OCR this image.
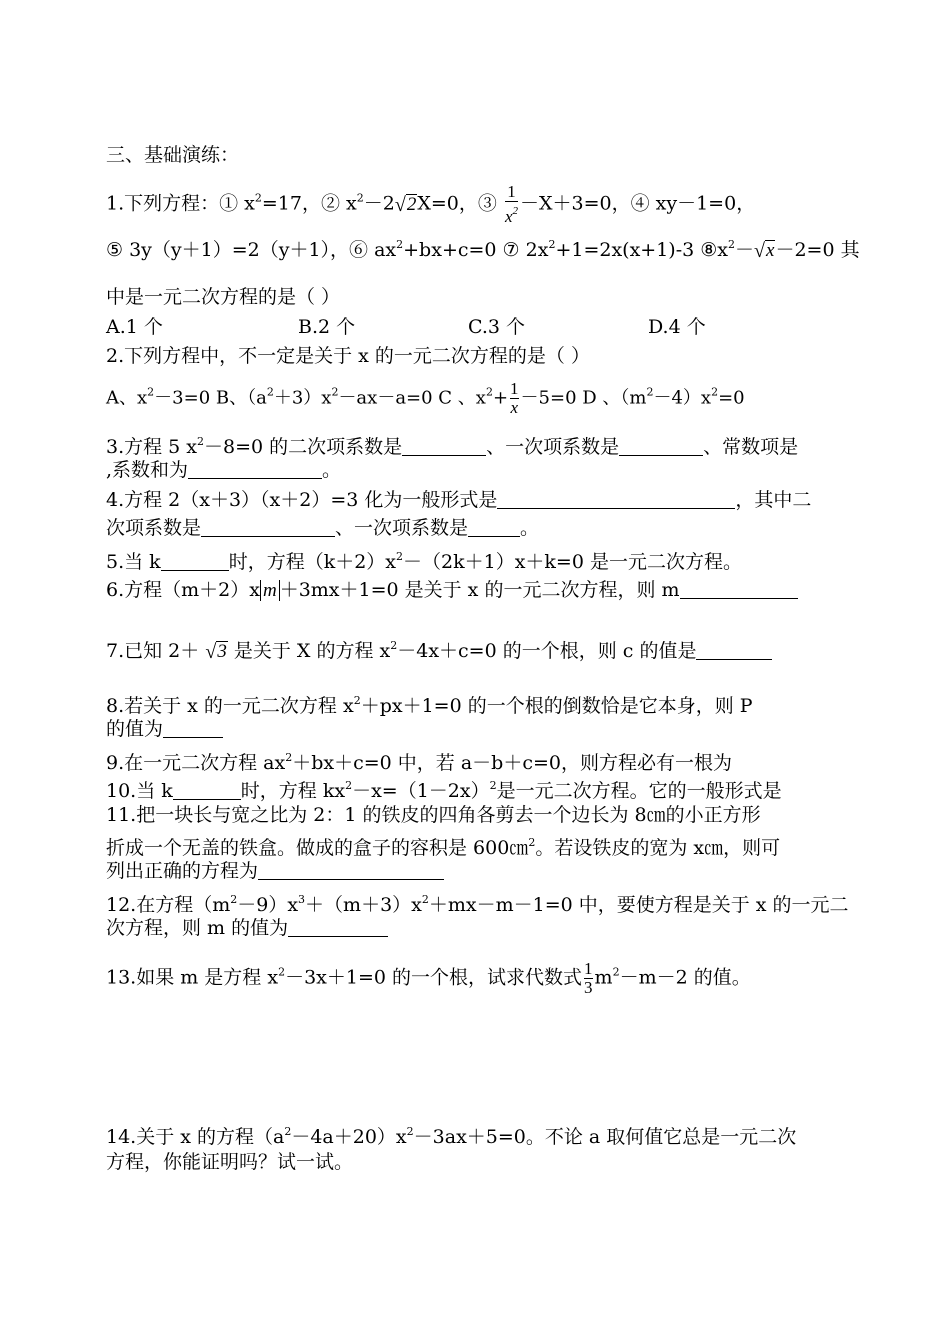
三、基础演练：
1.下列方程：① $x^2=17$，② $x^2-2$ √ 2X=0，③ $\frac{1}{x^2} -X+3=0$，④ xy－1=0，
⑤ 3y（y＋1）=2（y＋1），⑥ $ax^2+bx+c=0$ ⑦ $2x^2+1=2x(x+1)-3$ $⑧x^2-$ √ x－2=0 其
中是一元二次方程的是（ ）
A.1 个	B.2 个	C.3 个	D.4 个
2.下列方程中，不一定是关于 x 的一元二次方程的是（ ）
A、$x^2-3=0$ B、$(a^2+3)x^2-ax-a=0$ C 、$x^2+ \frac{1}{x} -5=0$ D 、$(m^2-4)x^2=0$
3.方程 5 $x^2-8=0$ 的二次项系数是	、一次项系数是	、常数项是
,系数和为	。
4.方程 2（x＋3）（x＋2）=3 化为一般形式是	，其中二
次项系数是	、一次项系数是	。
5.当 k	时，方程$(k+2)x^2-(2k+1)x+k=0$ 是一元二次方程。
6.方程（m＋2）x m ＋3mx＋1=0 是关于 x 的一元二次方程，则 m
7.已知 2＋ √ 3 是关于 X 的方程 $x^2-4x+c=0$ 的一个根，则 c 的值是
8.若关于 x 的一元二次方程 $x^2+px+1=0$ 的一个根的倒数恰是它本身，则 P
的值为
9.在一元二次方程 $ax^2+bx+c=0$ 中，若 a－b＋c=0，则方程必有一根为
10.当 k	时，方程 $kx^2-x=(1-2x)^2$是一元二次方程。它的一般形式是
11.把一块长与宽之比为 2：1 的铁皮的四角各剪去一个边长为 8㎝的小正方形
折成一个无盖的铁盒。做成的盒子的容积是 600㎝$^2$。若设铁皮的宽为 x㎝，则可
列出正确的方程为
12.在方程$(m^2-9)x^3+(m+3)x^2+mx-m-1=0$ 中，要使方程是关于 x 的一元二
次方程，则 m 的值为
13.如果 m 是方程 $x^2-3x+1=0$ 的一个根，试求代数式 $\frac{1}{3} m^2-m-2$ 的值。
14.关于 x 的方程$(a^2-4a+20)x^2-3ax+5=0$。不论 a 取何值它总是一元二次
方程，你能证明吗？试一试。
